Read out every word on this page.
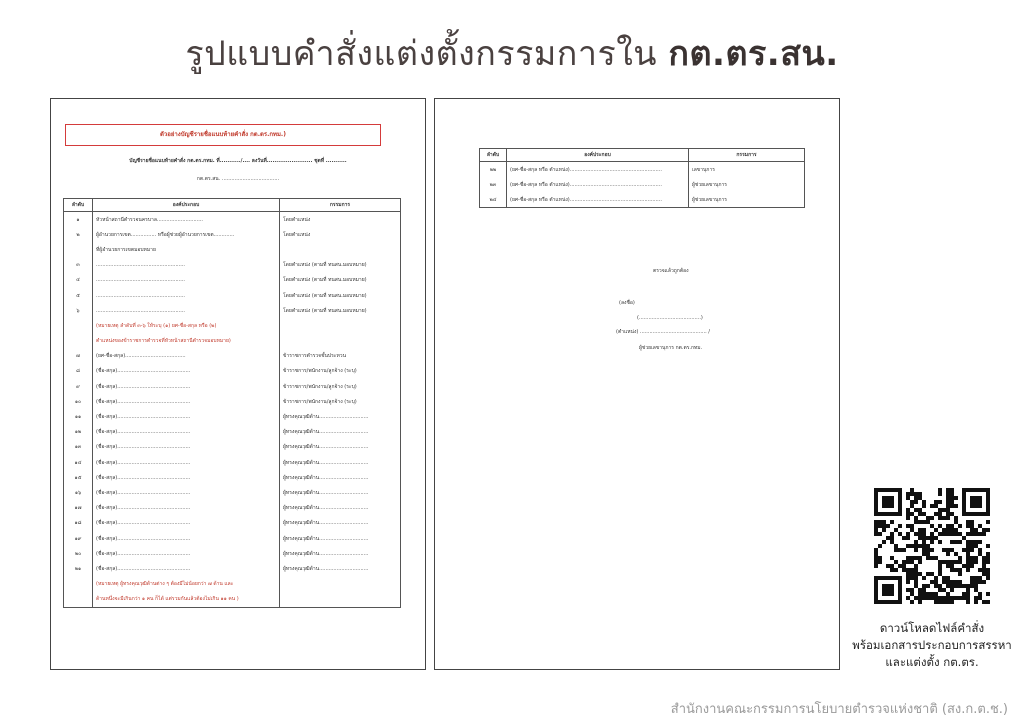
รูปแบบคำสั่งแต่งตั้งกรรมการใน กต.ตร.สน.
ตัวอย่างบัญชีรายชื่อแนบท้ายคำสั่ง กต.ตร.กทม.)
บัญชีรายชื่อแนบท้ายคำสั่ง กต.ตร.กทม. ที่.........../.... ลงวันที่........................ ชุดที่ ...........
กต.ตร.สน. ....................................
ลำดับ	องค์ประกอบ	กรรมการ
๑	หัวหน้าสถานีตำรวจนครบาล.............................	โดยตำแหน่ง
๒	ผู้อำนวยการเขต................ หรือผู้ช่วยผู้อำนวยการเขต.............	โดยตำแหน่ง
	ที่ผู้อำนวยการเขตมอบหมาย	
๓	........................................................	โดยตำแหน่ง (ตามที่ ทนสน.มอบหมาย)
๔	........................................................	โดยตำแหน่ง (ตามที่ ทนสน.มอบหมาย)
๕	........................................................	โดยตำแหน่ง (ตามที่ ทนสน.มอบหมาย)
๖	........................................................	โดยตำแหน่ง (ตามที่ ทนสน.มอบหมาย)
	(หมายเหตุ ลำดับที่ ๓-๖ ให้ระบุ (๑) ยศ-ชื่อ-สกุล หรือ (๒)	
	ตำแหน่งของข้าราชการตำรวจที่หัวหน้าสถานีตำรวจมอบหมาย)	
๗	(ยศ-ชื่อ-สกุล)......................................	ข้าราชการตำรวจชั้นประทวน
๘	(ชื่อ-สกุล)..............................................	ข้าราชการ/พนักงาน/ลูกจ้าง (ระบุ)
๙	(ชื่อ-สกุล)..............................................	ข้าราชการ/พนักงาน/ลูกจ้าง (ระบุ)
๑๐	(ชื่อ-สกุล)..............................................	ข้าราชการ/พนักงาน/ลูกจ้าง (ระบุ)
๑๑	(ชื่อ-สกุล)..............................................	ผู้ทรงคุณวุฒิด้าน...............................
๑๒	(ชื่อ-สกุล)..............................................	ผู้ทรงคุณวุฒิด้าน...............................
๑๓	(ชื่อ-สกุล)..............................................	ผู้ทรงคุณวุฒิด้าน...............................
๑๔	(ชื่อ-สกุล)..............................................	ผู้ทรงคุณวุฒิด้าน...............................
๑๕	(ชื่อ-สกุล)..............................................	ผู้ทรงคุณวุฒิด้าน...............................
๑๖	(ชื่อ-สกุล)..............................................	ผู้ทรงคุณวุฒิด้าน...............................
๑๗	(ชื่อ-สกุล)..............................................	ผู้ทรงคุณวุฒิด้าน...............................
๑๘	(ชื่อ-สกุล)..............................................	ผู้ทรงคุณวุฒิด้าน...............................
๑๙	(ชื่อ-สกุล)..............................................	ผู้ทรงคุณวุฒิด้าน...............................
๒๐	(ชื่อ-สกุล)..............................................	ผู้ทรงคุณวุฒิด้าน...............................
๒๑	(ชื่อ-สกุล)..............................................	ผู้ทรงคุณวุฒิด้าน...............................
	(หมายเหตุ ผู้ทรงคุณวุฒิด้านต่าง ๆ ต้องมีไม่น้อยกว่า ๗ ด้าน และ	
	ด้านหนึ่งจะมีเกินกว่า ๑ คน ก็ได้ แต่รวมกันแล้วต้องไม่เกิน ๑๑ คน )	
ลำดับ	องค์ประกอบ	กรรมการ
๒๒	(ยศ-ชื่อ-สกุล หรือ ตำแหน่ง)..........................................................	เลขานุการ
๒๓	(ยศ-ชื่อ-สกุล หรือ ตำแหน่ง)..........................................................	ผู้ช่วยเลขานุการ
๒๔	(ยศ-ชื่อ-สกุล หรือ ตำแหน่ง)..........................................................	ผู้ช่วยเลขานุการ
ตรวจแล้วถูกต้อง
(ลงชื่อ)
(.......................................)
(ตำแหน่ง) .......................................... /
ผู้ช่วยเลขานุการ กต.ตร.กทม.
ดาวน์โหลดไฟล์คำสั่ง
พร้อมเอกสารประกอบการสรรหา
และแต่งตั้ง กต.ตร.
สำนักงานคณะกรรมการนโยบายตำรวจแห่งชาติ (สง.ก.ต.ช.)
